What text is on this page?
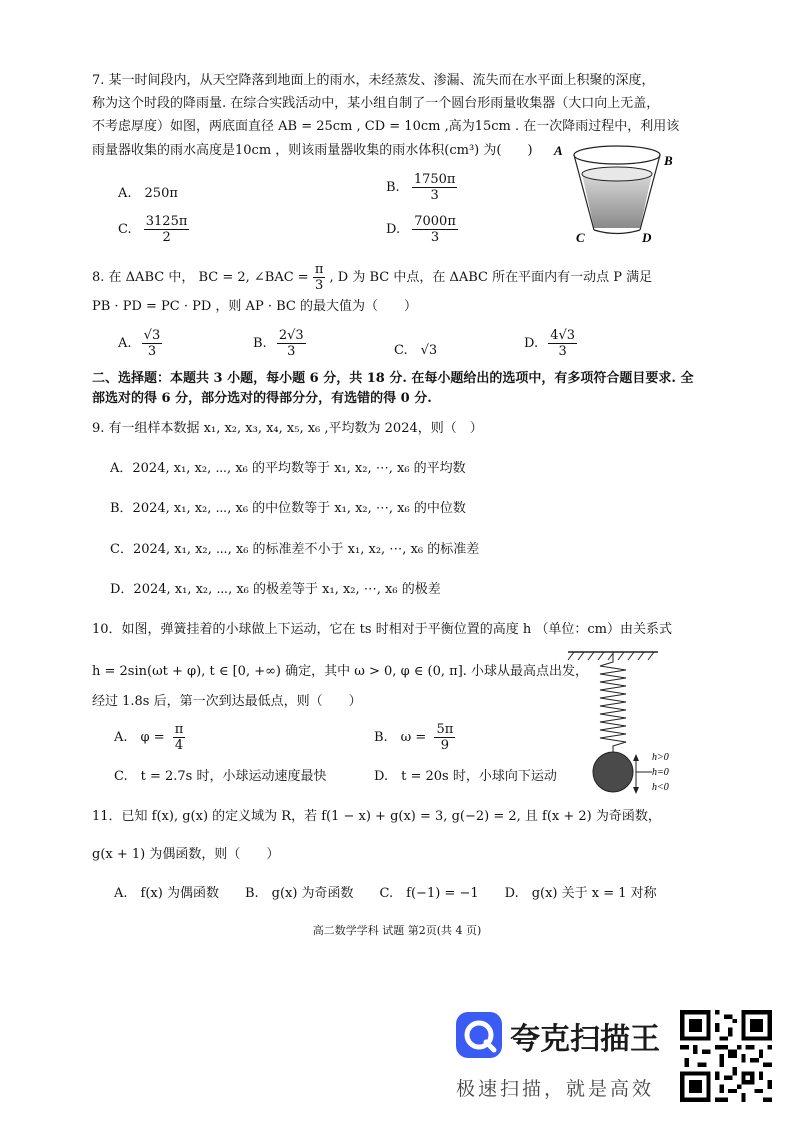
7. 某一时间段内，从天空降落到地面上的雨水，未经蒸发、渗漏、流失而在水平面上积聚的深度，
称为这个时段的降雨量. 在综合实践活动中，某小组自制了一个圆台形雨量收集器（大口向上无盖，
不考虑厚度）如图，两底面直径 AB = 25cm , CD = 10cm ,高为15cm . 在一次降雨过程中，利用该
雨量器收集的雨水高度是10cm ，则该雨量器收集的雨水体积(cm³) 为(　　)
A.　250π	B. $\frac{1750\pi}{3}$
C. $\frac{3125\pi}{2}$	D. $\frac{7000\pi}{3}$
A
B
C	D
8. 在 ΔABC 中， BC = 2, ∠BAC = $\frac{\pi}{3}$ , D 为 BC 中点，在 ΔABC 所在平面内有一动点 P 满足
PB · PD = PC · PD ，则 AP · BC 的最大值为（　　）
A. $\frac{√3}{3}$	B. $\frac{2√3}{3}$	C.　√3	D. $\frac{4√3}{3}$
二、选择题：本题共 3 小题，每小题 6 分，共 18 分. 在每小题给出的选项中，有多项符合题目要求. 全
部选对的得 6 分，部分选对的得部分分，有选错的得 0 分.
9. 有一组样本数据 x₁, x₂, x₃, x₄, x₅, x₆ ,平均数为 2024，则（　）
A．2024, x₁, x₂, ⋯, x₆ 的平均数等于 x₁, x₂, ⋯, x₆ 的平均数
B．2024, x₁, x₂, ⋯, x₆ 的中位数等于 x₁, x₂, ⋯, x₆ 的中位数
C．2024, x₁, x₂, ⋯, x₆ 的标准差不小于 x₁, x₂, ⋯, x₆ 的标准差
D．2024, x₁, x₂, ⋯, x₆ 的极差等于 x₁, x₂, ⋯, x₆ 的极差
10．如图，弹簧挂着的小球做上下运动，它在 ts 时相对于平衡位置的高度 h （单位：cm）由关系式
h = 2sin(ωt + φ), t ∈ [0, +∞) 确定，其中 ω > 0, φ ∈ (0, π]. 小球从最高点出发，
经过 1.8s 后，第一次到达最低点，则（　　）
A.　$\varphi = \frac{\pi}{4}$	B.　$\omega = \frac{5\pi}{9}$
C.　t = 2.7s 时，小球运动速度最快	D.　t = 20s 时，小球向下运动
h>0
h=0
h<0
11．已知 f(x), g(x) 的定义域为 R，若 f(1 − x) + g(x) = 3, g(−2) = 2, 且 f(x + 2) 为奇函数，
g(x + 1) 为偶函数，则（　　）
A.　f(x) 为偶函数　　B.　g(x) 为奇函数　　C.　f(−1) = −1　　D.　g(x) 关于 x = 1 对称
高二数学学科 试题 第2页(共 4 页)
夸克扫描王
极速扫描，就是高效
